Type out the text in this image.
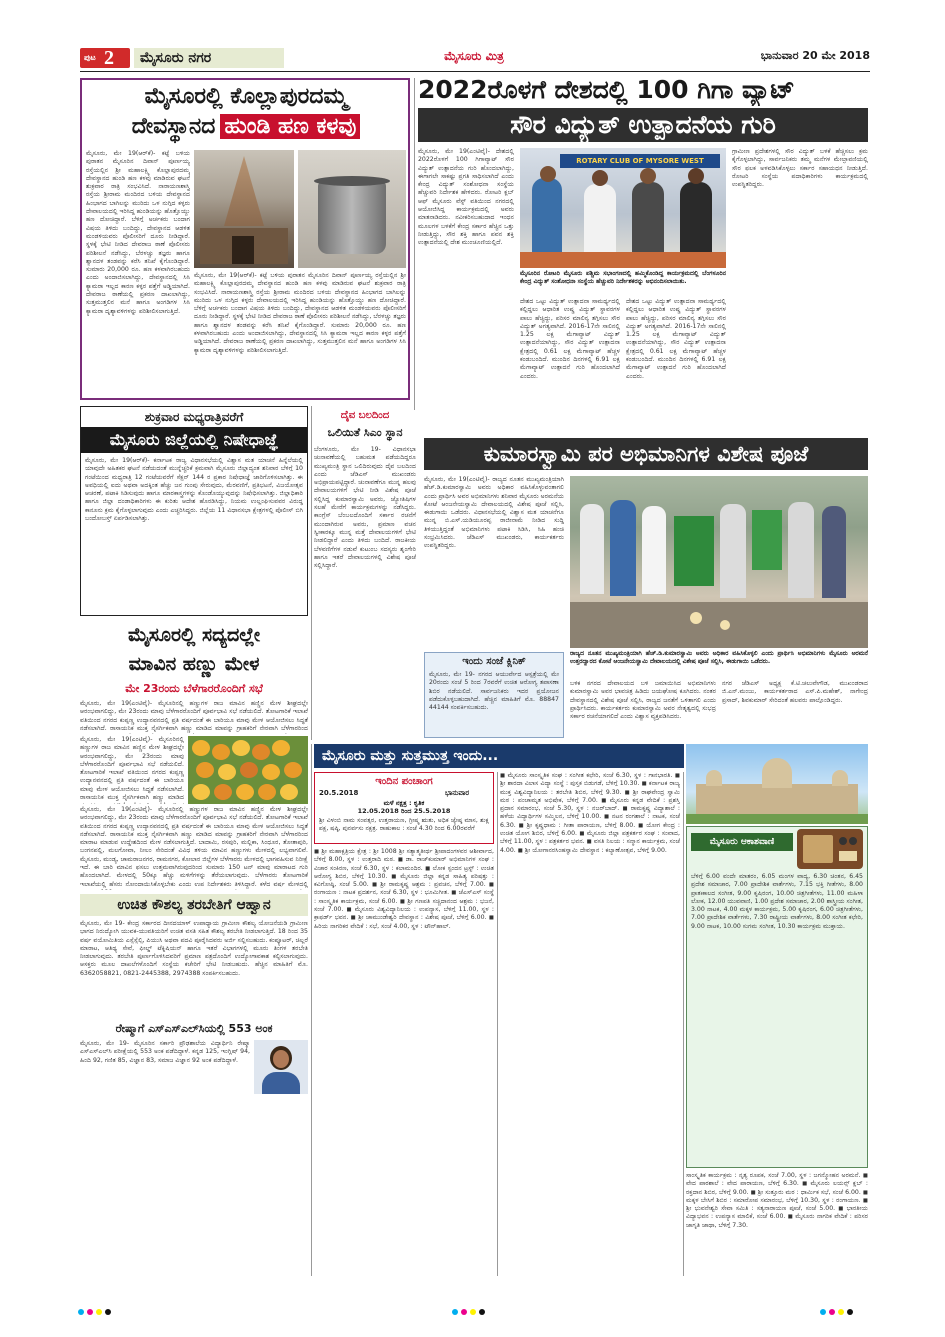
ಪುಟ 2	ಮೈಸೂರು ನಗರ	ಮೈಸೂರು ಮಿತ್ರ	ಭಾನುವಾರ 20 ಮೇ 2018
ಮೈಸೂರಲ್ಲಿ ಕೊಲ್ಲಾಪುರದಮ್ಮ
ದೇವಸ್ಥಾನದ ಹುಂಡಿ ಹಣ ಕಳವು
ಮೈಸೂರು, ಮೇ 19(ಆರ್‌ಕೆ)- ಕಟ್ಟೆ ಬಳಿಯ ಪುರಾತನ ಮೈಸೂರಿನ ದಿವಾನ್ ಪೂರ್ಣಯ್ಯ ರಸ್ತೆಯಲ್ಲಿನ ಶ್ರೀ ಮಹಾಲಕ್ಷ್ಮಿ ಕೊಲ್ಲಾಪುರದಮ್ಮ ದೇವಸ್ಥಾನದ ಹುಂಡಿ ಹಣ ಕಳವು ಮಾಡಿರುವ ಘಟನೆ ಶುಕ್ರವಾರ ರಾತ್ರಿ ಸಂಭವಿಸಿದೆ. ನಾರಾಯಣಶಾಸ್ತ್ರಿ ರಸ್ತೆಯ ಶ್ರೀರಾಮ ಮಂದಿರದ ಬಳಿಯ ದೇವಸ್ಥಾನದ ಹಿಂಭಾಗದ ಬಾಗಿಲನ್ನು ಮುರಿದು ಒಳ ನುಗ್ಗಿದ ಕಳ್ಳರು ದೇವಾಲಯದಲ್ಲಿ ಇರಿಸಿದ್ದ ಹುಂಡಿಯನ್ನು ಹೊತ್ತೊಯ್ದು ಹಣ ದೋಚಿದ್ದಾರೆ. ಬೆಳಿಗ್ಗೆ ಅರ್ಚಕರು ಬಂದಾಗ ವಿಷಯ ತಿಳಿದು ಬಂದಿದ್ದು, ದೇವಸ್ಥಾನದ ಆಡಳಿತ ಮಂಡಳಿಯವರು ಪೊಲೀಸರಿಗೆ ದೂರು ನೀಡಿದ್ದಾರೆ. ಸ್ಥಳಕ್ಕೆ ಭೇಟಿ ನೀಡಿದ ದೇವರಾಜ ಠಾಣೆ ಪೊಲೀಸರು ಪರಿಶೀಲನೆ ನಡೆಸಿದ್ದು, ಬೆರಳಚ್ಚು ತಜ್ಞರು ಹಾಗೂ ಶ್ವಾನದಳ ತಂಡವನ್ನು ಕರೆಸಿ ತನಿಖೆ ಕೈಗೊಂಡಿದ್ದಾರೆ. ಸುಮಾರು 20,000 ರೂ. ಹಣ ಕಳವಾಗಿರಬಹುದು ಎಂದು ಅಂದಾಜಿಸಲಾಗಿದ್ದು, ದೇವಸ್ಥಾನದಲ್ಲಿ ಸಿಸಿ ಕ್ಯಾಮರಾ ಇಲ್ಲದ ಕಾರಣ ಕಳ್ಳರ ಪತ್ತೆಗೆ ಅಡ್ಡಿಯಾಗಿದೆ. ದೇವರಾಜ ಠಾಣೆಯಲ್ಲಿ ಪ್ರಕರಣ ದಾಖಲಾಗಿದ್ದು, ಸುತ್ತಮುತ್ತಲಿನ ಮನೆ ಹಾಗೂ ಅಂಗಡಿಗಳ ಸಿಸಿ ಕ್ಯಾಮರಾ ದೃಶ್ಯಾವಳಿಗಳನ್ನು ಪರಿಶೀಲಿಸಲಾಗುತ್ತಿದೆ.
ಮೈಸೂರು, ಮೇ 19(ಆರ್‌ಕೆ)- ಕಟ್ಟೆ ಬಳಿಯ ಪುರಾತನ ಮೈಸೂರಿನ ದಿವಾನ್ ಪೂರ್ಣಯ್ಯ ರಸ್ತೆಯಲ್ಲಿನ ಶ್ರೀ ಮಹಾಲಕ್ಷ್ಮಿ ಕೊಲ್ಲಾಪುರದಮ್ಮ ದೇವಸ್ಥಾನದ ಹುಂಡಿ ಹಣ ಕಳವು ಮಾಡಿರುವ ಘಟನೆ ಶುಕ್ರವಾರ ರಾತ್ರಿ ಸಂಭವಿಸಿದೆ. ನಾರಾಯಣಶಾಸ್ತ್ರಿ ರಸ್ತೆಯ ಶ್ರೀರಾಮ ಮಂದಿರದ ಬಳಿಯ ದೇವಸ್ಥಾನದ ಹಿಂಭಾಗದ ಬಾಗಿಲನ್ನು ಮುರಿದು ಒಳ ನುಗ್ಗಿದ ಕಳ್ಳರು ದೇವಾಲಯದಲ್ಲಿ ಇರಿಸಿದ್ದ ಹುಂಡಿಯನ್ನು ಹೊತ್ತೊಯ್ದು ಹಣ ದೋಚಿದ್ದಾರೆ. ಬೆಳಿಗ್ಗೆ ಅರ್ಚಕರು ಬಂದಾಗ ವಿಷಯ ತಿಳಿದು ಬಂದಿದ್ದು, ದೇವಸ್ಥಾನದ ಆಡಳಿತ ಮಂಡಳಿಯವರು ಪೊಲೀಸರಿಗೆ ದೂರು ನೀಡಿದ್ದಾರೆ. ಸ್ಥಳಕ್ಕೆ ಭೇಟಿ ನೀಡಿದ ದೇವರಾಜ ಠಾಣೆ ಪೊಲೀಸರು ಪರಿಶೀಲನೆ ನಡೆಸಿದ್ದು, ಬೆರಳಚ್ಚು ತಜ್ಞರು ಹಾಗೂ ಶ್ವಾನದಳ ತಂಡವನ್ನು ಕರೆಸಿ ತನಿಖೆ ಕೈಗೊಂಡಿದ್ದಾರೆ. ಸುಮಾರು 20,000 ರೂ. ಹಣ ಕಳವಾಗಿರಬಹುದು ಎಂದು ಅಂದಾಜಿಸಲಾಗಿದ್ದು, ದೇವಸ್ಥಾನದಲ್ಲಿ ಸಿಸಿ ಕ್ಯಾಮರಾ ಇಲ್ಲದ ಕಾರಣ ಕಳ್ಳರ ಪತ್ತೆಗೆ ಅಡ್ಡಿಯಾಗಿದೆ. ದೇವರಾಜ ಠಾಣೆಯಲ್ಲಿ ಪ್ರಕರಣ ದಾಖಲಾಗಿದ್ದು, ಸುತ್ತಮುತ್ತಲಿನ ಮನೆ ಹಾಗೂ ಅಂಗಡಿಗಳ ಸಿಸಿ ಕ್ಯಾಮರಾ ದೃಶ್ಯಾವಳಿಗಳನ್ನು ಪರಿಶೀಲಿಸಲಾಗುತ್ತಿದೆ.
2022ರೊಳಗೆ ದೇಶದಲ್ಲಿ 100 ಗಿಗಾ ವ್ಯಾಟ್
ಸೌರ ವಿದ್ಯುತ್ ಉತ್ಪಾದನೆಯ ಗುರಿ
ಮೈಸೂರು, ಮೇ 19(ಎಂಟಿವೈ)- ದೇಶದಲ್ಲಿ 2022ರೊಳಗೆ 100 ಗಿಗಾವ್ಯಾಟ್ ಸೌರ ವಿದ್ಯುತ್ ಉತ್ಪಾದನೆಯ ಗುರಿ ಹೊಂದಲಾಗಿದ್ದು, ಈಗಾಗಲೇ ಸಾಕಷ್ಟು ಪ್ರಗತಿ ಸಾಧಿಸಲಾಗಿದೆ ಎಂದು ಕೇಂದ್ರ ವಿದ್ಯುತ್ ಸಂಶೋಧನಾ ಸಂಸ್ಥೆಯ ಹೆಚ್ಚುವರಿ ನಿರ್ದೇಶಕ ಹೇಳಿದರು. ರೋಟರಿ ಕ್ಲಬ್ ಆಫ್ ಮೈಸೂರು ವೆಸ್ಟ್ ವತಿಯಿಂದ ನಗರದಲ್ಲಿ ಆಯೋಜಿಸಿದ್ದ ಕಾರ್ಯಕ್ರಮದಲ್ಲಿ ಅವರು ಮಾತನಾಡಿದರು. ನವೀಕರಿಸಬಹುದಾದ ಇಂಧನ ಮೂಲಗಳ ಬಳಕೆಗೆ ಕೇಂದ್ರ ಸರ್ಕಾರ ಹೆಚ್ಚಿನ ಒತ್ತು ನೀಡುತ್ತಿದ್ದು, ಸೌರ ಶಕ್ತಿ ಹಾಗೂ ಪವನ ಶಕ್ತಿ ಉತ್ಪಾದನೆಯಲ್ಲಿ ದೇಶ ಮುಂಚೂಣಿಯಲ್ಲಿದೆ.
ROTARY CLUB OF MYSORE WEST
ಮೈಸೂರಿನ ರೋಟರಿ ಮೈಸೂರು ಪಶ್ಚಿಮ ಸಭಾಂಗಣದಲ್ಲಿ ಹಮ್ಮಿಕೊಂಡಿದ್ದ ಕಾರ್ಯಕ್ರಮದಲ್ಲಿ ಬೆಂಗಳೂರಿನ ಕೇಂದ್ರ ವಿದ್ಯುತ್ ಸಂಶೋಧನಾ ಸಂಸ್ಥೆಯ ಹೆಚ್ಚುವರಿ ನಿರ್ದೇಶಕರನ್ನು ಅಭಿನಂದಿಸಲಾಯಿತು.
ದೇಶದ ಒಟ್ಟು ವಿದ್ಯುತ್ ಉತ್ಪಾದನಾ ಸಾಮರ್ಥ್ಯದಲ್ಲಿ ಕಲ್ಲಿದ್ದಲು ಆಧಾರಿತ ಉಷ್ಣ ವಿದ್ಯುತ್ ಸ್ಥಾವರಗಳ ಪಾಲು ಹೆಚ್ಚಿದ್ದು, ಪರಿಸರ ಮಾಲಿನ್ಯ ತಗ್ಗಿಸಲು ಸೌರ ವಿದ್ಯುತ್ ಅಗತ್ಯವಾಗಿದೆ. 2016-17ನೇ ಸಾಲಿನಲ್ಲಿ 1.25 ಲಕ್ಷ ಮೆಗಾವ್ಯಾಟ್ ವಿದ್ಯುತ್ ಉತ್ಪಾದನೆಯಾಗಿದ್ದು, ಸೌರ ವಿದ್ಯುತ್ ಉತ್ಪಾದನಾ ಕ್ಷೇತ್ರದಲ್ಲಿ 0.61 ಲಕ್ಷ ಮೆಗಾವ್ಯಾಟ್ ಹೆಚ್ಚಳ ಕಂಡುಬಂದಿದೆ. ಮುಂದಿನ ದಿನಗಳಲ್ಲಿ 6.91 ಲಕ್ಷ ಮೆಗಾವ್ಯಾಟ್ ಉತ್ಪಾದನೆ ಗುರಿ ಹೊಂದಲಾಗಿದೆ ಎಂದರು.
ದೇಶದ ಒಟ್ಟು ವಿದ್ಯುತ್ ಉತ್ಪಾದನಾ ಸಾಮರ್ಥ್ಯದಲ್ಲಿ ಕಲ್ಲಿದ್ದಲು ಆಧಾರಿತ ಉಷ್ಣ ವಿದ್ಯುತ್ ಸ್ಥಾವರಗಳ ಪಾಲು ಹೆಚ್ಚಿದ್ದು, ಪರಿಸರ ಮಾಲಿನ್ಯ ತಗ್ಗಿಸಲು ಸೌರ ವಿದ್ಯುತ್ ಅಗತ್ಯವಾಗಿದೆ. 2016-17ನೇ ಸಾಲಿನಲ್ಲಿ 1.25 ಲಕ್ಷ ಮೆಗಾವ್ಯಾಟ್ ವಿದ್ಯುತ್ ಉತ್ಪಾದನೆಯಾಗಿದ್ದು, ಸೌರ ವಿದ್ಯುತ್ ಉತ್ಪಾದನಾ ಕ್ಷೇತ್ರದಲ್ಲಿ 0.61 ಲಕ್ಷ ಮೆಗಾವ್ಯಾಟ್ ಹೆಚ್ಚಳ ಕಂಡುಬಂದಿದೆ. ಮುಂದಿನ ದಿನಗಳಲ್ಲಿ 6.91 ಲಕ್ಷ ಮೆಗಾವ್ಯಾಟ್ ಉತ್ಪಾದನೆ ಗುರಿ ಹೊಂದಲಾಗಿದೆ ಎಂದರು.
ಗ್ರಾಮೀಣ ಪ್ರದೇಶಗಳಲ್ಲಿ ಸೌರ ವಿದ್ಯುತ್ ಬಳಕೆ ಹೆಚ್ಚಿಸಲು ಕ್ರಮ ಕೈಗೊಳ್ಳಲಾಗಿದ್ದು, ಸಾರ್ವಜನಿಕರು ತಮ್ಮ ಮನೆಗಳ ಮೇಲ್ಛಾವಣಿಯಲ್ಲಿ ಸೌರ ಫಲಕ ಅಳವಡಿಸಿಕೊಳ್ಳಲು ಸರ್ಕಾರ ಸಹಾಯಧನ ನೀಡುತ್ತಿದೆ. ರೋಟರಿ ಸಂಸ್ಥೆಯ ಪದಾಧಿಕಾರಿಗಳು ಕಾರ್ಯಕ್ರಮದಲ್ಲಿ ಉಪಸ್ಥಿತರಿದ್ದರು.
ಶುಕ್ರವಾರ ಮಧ್ಯರಾತ್ರಿವರೆಗೆ
ಮೈಸೂರು ಜಿಲ್ಲೆಯಲ್ಲಿ ನಿಷೇಧಾಜ್ಞೆ
ಮೈಸೂರು, ಮೇ 19(ಆರ್‌ಕೆ)- ಕರ್ನಾಟಕ ರಾಜ್ಯ ವಿಧಾನಸಭೆಯಲ್ಲಿ ವಿಶ್ವಾಸ ಮತ ಯಾಚನೆ ಹಿನ್ನೆಲೆಯಲ್ಲಿ ಯಾವುದೇ ಅಹಿತಕರ ಘಟನೆ ನಡೆಯದಂತೆ ಮುನ್ನೆಚ್ಚರಿಕೆ ಕ್ರಮವಾಗಿ ಮೈಸೂರು ಜಿಲ್ಲಾದ್ಯಂತ ಶನಿವಾರ ಬೆಳಿಗ್ಗೆ 10 ಗಂಟೆಯಿಂದ ಮಧ್ಯರಾತ್ರಿ 12 ಗಂಟೆಯವರೆಗೆ ಸೆಕ್ಷನ್ 144 ರ ಪ್ರಕಾರ ನಿಷೇಧಾಜ್ಞೆ ಜಾರಿಗೊಳಿಸಲಾಗಿತ್ತು. ಈ ಅವಧಿಯಲ್ಲಿ ಐದು ಅಥವಾ ಅದಕ್ಕಿಂತ ಹೆಚ್ಚು ಜನ ಗುಂಪು ಸೇರುವುದು, ಮೆರವಣಿಗೆ, ಪ್ರತಿಭಟನೆ, ವಿಜಯೋತ್ಸವ ಆಚರಣೆ, ಪಟಾಕಿ ಸಿಡಿಸುವುದು ಹಾಗೂ ಮಾರಕಾಸ್ತ್ರಗಳನ್ನು ಕೊಂಡೊಯ್ಯುವುದನ್ನು ನಿಷೇಧಿಸಲಾಗಿತ್ತು. ಜಿಲ್ಲಾಧಿಕಾರಿ ಹಾಗೂ ಜಿಲ್ಲಾ ದಂಡಾಧಿಕಾರಿಗಳು ಈ ಕುರಿತು ಆದೇಶ ಹೊರಡಿಸಿದ್ದು, ನಿಯಮ ಉಲ್ಲಂಘಿಸುವವರ ವಿರುದ್ಧ ಕಾನೂನು ಕ್ರಮ ಕೈಗೊಳ್ಳಲಾಗುವುದು ಎಂದು ಎಚ್ಚರಿಸಿದ್ದರು. ಜಿಲ್ಲೆಯ 11 ವಿಧಾನಸಭಾ ಕ್ಷೇತ್ರಗಳಲ್ಲಿ ಪೊಲೀಸ್ ಬಿಗಿ ಬಂದೋಬಸ್ತ್ ಏರ್ಪಡಿಸಲಾಗಿತ್ತು.
ದೈವ ಬಲದಿಂದ
ಒಲಿಯಿತೆ ಸಿಎಂ ಸ್ಥಾನ
ಬೆಂಗಳೂರು, ಮೇ 19- ವಿಧಾನಸಭಾ ಚುನಾವಣೆಯಲ್ಲಿ ಬಹುಮತ ಪಡೆಯದಿದ್ದರೂ ಮುಖ್ಯಮಂತ್ರಿ ಸ್ಥಾನ ಒಲಿದಿರುವುದು ದೈವ ಬಲದಿಂದ ಎಂದು ಜೆಡಿಎಸ್ ಮುಖಂಡರು ಅಭಿಪ್ರಾಯಪಟ್ಟಿದ್ದಾರೆ. ಚುನಾವಣೆಗೂ ಮುನ್ನ ಹಲವು ದೇವಾಲಯಗಳಿಗೆ ಭೇಟಿ ನೀಡಿ ವಿಶೇಷ ಪೂಜೆ ಸಲ್ಲಿಸಿದ್ದ ಕುಮಾರಸ್ವಾಮಿ ಅವರು, ಜ್ಯೋತಿಷಿಗಳ ಸಲಹೆ ಮೇರೆಗೆ ಕಾರ್ಯಕ್ರಮಗಳನ್ನು ನಡೆಸಿದ್ದರು. ಕಾಂಗ್ರೆಸ್ ಬೆಂಬಲದೊಂದಿಗೆ ಸರ್ಕಾರ ರಚನೆಗೆ ಮುಂದಾಗಿರುವ ಅವರು, ಪ್ರಮಾಣ ವಚನ ಸ್ವೀಕಾರಕ್ಕೂ ಮುನ್ನ ಮತ್ತೆ ದೇವಾಲಯಗಳಿಗೆ ಭೇಟಿ ನೀಡಲಿದ್ದಾರೆ ಎಂದು ತಿಳಿದು ಬಂದಿದೆ. ರಾಜಕೀಯ ಬೆಳವಣಿಗೆಗಳ ನಡುವೆ ಕುಟುಂಬ ಸದಸ್ಯರು ಶೃಂಗೇರಿ ಹಾಗೂ ಇತರೆ ದೇವಾಲಯಗಳಲ್ಲಿ ವಿಶೇಷ ಪೂಜೆ ಸಲ್ಲಿಸಿದ್ದಾರೆ.
ಕುಮಾರಸ್ವಾಮಿ ಪರ ಅಭಿಮಾನಿಗಳ ವಿಶೇಷ ಪೂಜೆ
ಮೈಸೂರು, ಮೇ 19(ಎಂಟಿವೈ)- ರಾಜ್ಯದ ನೂತನ ಮುಖ್ಯಮಂತ್ರಿಯಾಗಿ ಹೆಚ್.ಡಿ.ಕುಮಾರಸ್ವಾಮಿ ಅವರು ಅಧಿಕಾರ ವಹಿಸಿಕೊಳ್ಳುವಂತಾಗಲಿ ಎಂದು ಪ್ರಾರ್ಥಿಸಿ ಅವರ ಅಭಿಮಾನಿಗಳು ಶನಿವಾರ ಮೈಸೂರು ಅರಮನೆಯ ಕೋಟೆ ಆಂಜನೇಯಸ್ವಾಮಿ ದೇವಾಲಯದಲ್ಲಿ ವಿಶೇಷ ಪೂಜೆ ಸಲ್ಲಿಸಿ, ಈಡುಗಾಯಿ ಒಡೆದರು. ವಿಧಾನಸಭೆಯಲ್ಲಿ ವಿಶ್ವಾಸ ಮತ ಯಾಚನೆಗೂ ಮುನ್ನ ಬಿ.ಎಸ್.ಯಡಿಯೂರಪ್ಪ ರಾಜೀನಾಮೆ ನೀಡಿದ ಸುದ್ದಿ ತಿಳಿಯುತ್ತಿದ್ದಂತೆ ಅಭಿಮಾನಿಗಳು ಪಟಾಕಿ ಸಿಡಿಸಿ, ಸಿಹಿ ಹಂಚಿ ಸಂಭ್ರಮಿಸಿದರು. ಜೆಡಿಎಸ್ ಮುಖಂಡರು, ಕಾರ್ಯಕರ್ತರು ಉಪಸ್ಥಿತರಿದ್ದರು.
ರಾಜ್ಯದ ನೂತನ ಮುಖ್ಯಮಂತ್ರಿಯಾಗಿ ಹೆಚ್.ಡಿ.ಕುಮಾರಸ್ವಾಮಿ ಅವರು ಅಧಿಕಾರ ವಹಿಸಿಕೊಳ್ಳಲಿ ಎಂದು ಪ್ರಾರ್ಥಿಸಿ ಅಭಿಮಾನಿಗಳು ಮೈಸೂರು ಅರಮನೆ ಉತ್ತರದ್ವಾರದ ಕೋಟೆ ಆಂಜನೇಯಸ್ವಾಮಿ ದೇವಾಲಯದಲ್ಲಿ ವಿಶೇಷ ಪೂಜೆ ಸಲ್ಲಿಸಿ, ಈಡುಗಾಯಿ ಒಡೆದರು.
ಬಳಿಕ ನಗರದ ದೇವಾಲಯದ ಬಳಿ ಜಮಾಯಿಸಿದ ಅಭಿಮಾನಿಗಳು ಕುಮಾರಸ್ವಾಮಿ ಅವರ ಭಾವಚಿತ್ರ ಹಿಡಿದು ಜಯಘೋಷ ಕೂಗಿದರು. ನಂತರ ದೇವಸ್ಥಾನದಲ್ಲಿ ವಿಶೇಷ ಪೂಜೆ ಸಲ್ಲಿಸಿ, ರಾಜ್ಯದ ಜನತೆಗೆ ಒಳಿತಾಗಲಿ ಎಂದು ಪ್ರಾರ್ಥಿಸಿದರು. ಕಾರ್ಯಕರ್ತರು ಕುಮಾರಸ್ವಾಮಿ ಅವರ ನೇತೃತ್ವದಲ್ಲಿ ಸುಭದ್ರ ಸರ್ಕಾರ ರಚನೆಯಾಗಲಿದೆ ಎಂದು ವಿಶ್ವಾಸ ವ್ಯಕ್ತಪಡಿಸಿದರು.
ನಗರ ಜೆಡಿಎಸ್ ಅಧ್ಯಕ್ಷ ಕೆ.ಟಿ.ಚಲುವೇಗೌಡ, ಮುಖಂಡರಾದ ಜಿ.ಎನ್.ಮಂಜು, ಕಾರ್ಯಕರ್ತರಾದ ಎಸ್.ಪಿ.ಮಹೇಶ್, ನಾಗೇಂದ್ರ ಪ್ರಸಾದ್, ಶಿವಕುಮಾರ್ ಸೇರಿದಂತೆ ಹಲವರು ಪಾಲ್ಗೊಂಡಿದ್ದರು.
ಇಂದು ಸಂಜೆ ಕ್ಲಿನಿಕ್
ಮೈಸೂರು, ಮೇ 19- ನಗರದ ಆಯುರ್ವೇದ ಆಸ್ಪತ್ರೆಯಲ್ಲಿ ಮೇ 20ರಂದು ಸಂಜೆ 5 ರಿಂದ 7ರವರೆಗೆ ಉಚಿತ ಆರೋಗ್ಯ ತಪಾಸಣಾ ಶಿಬಿರ ನಡೆಯಲಿದೆ. ಸಾರ್ವಜನಿಕರು ಇದರ ಪ್ರಯೋಜನ ಪಡೆದುಕೊಳ್ಳಬಹುದಾಗಿದೆ. ಹೆಚ್ಚಿನ ಮಾಹಿತಿಗೆ ಮೊ. 88847 44144 ಸಂಪರ್ಕಿಸಬಹುದು.
ಮೈಸೂರಲ್ಲಿ ಸದ್ಯದಲ್ಲೇ
ಮಾವಿನ ಹಣ್ಣು ಮೇಳ
ಮೇ 23ರಂದು ಬೆಳೆಗಾರರೊಂದಿಗೆ ಸಭೆ
ಮೈಸೂರು, ಮೇ 19(ಎಂಟಿವೈ)- ಮೈಸೂರಿನಲ್ಲಿ ಹಣ್ಣುಗಳ ರಾಜ ಮಾವಿನ ಹಣ್ಣಿನ ಮೇಳ ಶೀಘ್ರದಲ್ಲೇ ಆರಂಭವಾಗಲಿದ್ದು, ಮೇ 23ರಂದು ಮಾವು ಬೆಳೆಗಾರರೊಂದಿಗೆ ಪೂರ್ವಭಾವಿ ಸಭೆ ನಡೆಯಲಿದೆ. ತೋಟಗಾರಿಕೆ ಇಲಾಖೆ ವತಿಯಿಂದ ನಗರದ ಕುಪ್ಪಣ್ಣ ಉದ್ಯಾನವನದಲ್ಲಿ ಪ್ರತಿ ವರ್ಷದಂತೆ ಈ ಬಾರಿಯೂ ಮಾವು ಮೇಳ ಆಯೋಜಿಸಲು ಸಿದ್ಧತೆ ನಡೆಸಲಾಗಿದೆ. ರಾಸಾಯನಿಕ ಮುಕ್ತ ನೈಸರ್ಗಿಕವಾಗಿ ಹಣ್ಣು ಮಾಡಿದ ಮಾವನ್ನು ಗ್ರಾಹಕರಿಗೆ ನೇರವಾಗಿ ಬೆಳೆಗಾರರಿಂದ
ಮೈಸೂರು, ಮೇ 19(ಎಂಟಿವೈ)- ಮೈಸೂರಿನಲ್ಲಿ ಹಣ್ಣುಗಳ ರಾಜ ಮಾವಿನ ಹಣ್ಣಿನ ಮೇಳ ಶೀಘ್ರದಲ್ಲೇ ಆರಂಭವಾಗಲಿದ್ದು, ಮೇ 23ರಂದು ಮಾವು ಬೆಳೆಗಾರರೊಂದಿಗೆ ಪೂರ್ವಭಾವಿ ಸಭೆ ನಡೆಯಲಿದೆ. ತೋಟಗಾರಿಕೆ ಇಲಾಖೆ ವತಿಯಿಂದ ನಗರದ ಕುಪ್ಪಣ್ಣ ಉದ್ಯಾನವನದಲ್ಲಿ ಪ್ರತಿ ವರ್ಷದಂತೆ ಈ ಬಾರಿಯೂ ಮಾವು ಮೇಳ ಆಯೋಜಿಸಲು ಸಿದ್ಧತೆ ನಡೆಸಲಾಗಿದೆ. ರಾಸಾಯನಿಕ ಮುಕ್ತ ನೈಸರ್ಗಿಕವಾಗಿ ಹಣ್ಣು ಮಾಡಿದ
ಮೈಸೂರು, ಮೇ 19(ಎಂಟಿವೈ)- ಮೈಸೂರಿನಲ್ಲಿ ಹಣ್ಣುಗಳ ರಾಜ ಮಾವಿನ ಹಣ್ಣಿನ ಮೇಳ ಶೀಘ್ರದಲ್ಲೇ ಆರಂಭವಾಗಲಿದ್ದು, ಮೇ 23ರಂದು ಮಾವು ಬೆಳೆಗಾರರೊಂದಿಗೆ ಪೂರ್ವಭಾವಿ ಸಭೆ ನಡೆಯಲಿದೆ. ತೋಟಗಾರಿಕೆ ಇಲಾಖೆ ವತಿಯಿಂದ ನಗರದ ಕುಪ್ಪಣ್ಣ ಉದ್ಯಾನವನದಲ್ಲಿ ಪ್ರತಿ ವರ್ಷದಂತೆ ಈ ಬಾರಿಯೂ ಮಾವು ಮೇಳ ಆಯೋಜಿಸಲು ಸಿದ್ಧತೆ ನಡೆಸಲಾಗಿದೆ. ರಾಸಾಯನಿಕ ಮುಕ್ತ ನೈಸರ್ಗಿಕವಾಗಿ ಹಣ್ಣು ಮಾಡಿದ ಮಾವನ್ನು ಗ್ರಾಹಕರಿಗೆ ನೇರವಾಗಿ ಬೆಳೆಗಾರರಿಂದ ಮಾರಾಟ ಮಾಡುವ ಉದ್ದೇಶದಿಂದ ಮೇಳ ನಡೆಸಲಾಗುತ್ತಿದೆ. ಬಾದಾಮಿ, ರಸಪುರಿ, ಮಲ್ಲಿಕಾ, ಸಿಂಧೂರ, ತೋತಾಪುರಿ, ಬಂಗನಪಲ್ಲಿ, ಮಲಗೋವಾ, ನೀಲಂ ಸೇರಿದಂತೆ ವಿವಿಧ ತಳಿಯ ಮಾವಿನ ಹಣ್ಣುಗಳು ಮೇಳದಲ್ಲಿ ಲಭ್ಯವಾಗಲಿವೆ. ಮೈಸೂರು, ಮಂಡ್ಯ, ಚಾಮರಾಜನಗರ, ರಾಮನಗರ, ಕೋಲಾರ ಜಿಲ್ಲೆಗಳ ಬೆಳೆಗಾರರು ಮೇಳದಲ್ಲಿ ಭಾಗವಹಿಸುವ ನಿರೀಕ್ಷೆ ಇದೆ. ಈ ಬಾರಿ ಮಾವಿನ ಫಸಲು ಉತ್ತಮವಾಗಿರುವುದರಿಂದ ಸುಮಾರು 150 ಟನ್ ಮಾವು ಮಾರಾಟದ ಗುರಿ ಹೊಂದಲಾಗಿದೆ. ಮೇಳದಲ್ಲಿ 50ಕ್ಕೂ ಹೆಚ್ಚು ಮಳಿಗೆಗಳನ್ನು ತೆರೆಯಲಾಗುವುದು. ಬೆಳೆಗಾರರು ತೋಟಗಾರಿಕೆ ಇಲಾಖೆಯಲ್ಲಿ ಹೆಸರು ನೋಂದಾಯಿಸಿಕೊಳ್ಳಬೇಕು ಎಂದು ಉಪ ನಿರ್ದೇಶಕರು ತಿಳಿಸಿದ್ದಾರೆ. ಕಳೆದ ವರ್ಷ ಮೇಳದಲ್ಲಿ
ಉಚಿತ ಕೌಶಲ್ಯ ತರಬೇತಿಗೆ ಆಹ್ವಾನ
ಮೈಸೂರು, ಮೇ 19- ಕೇಂದ್ರ ಸರ್ಕಾರದ ದೀನದಯಾಳ್ ಉಪಾಧ್ಯಾಯ ಗ್ರಾಮೀಣ ಕೌಶಲ್ಯ ಯೋಜನೆಯಡಿ ಗ್ರಾಮೀಣ ಭಾಗದ ನಿರುದ್ಯೋಗಿ ಯುವಕ-ಯುವತಿಯರಿಗೆ ಉಚಿತ ವಸತಿ ಸಹಿತ ಕೌಶಲ್ಯ ತರಬೇತಿ ನೀಡಲಾಗುತ್ತಿದೆ. 18 ರಿಂದ 35 ವರ್ಷ ವಯೋಮಿತಿಯ ಎಸ್ಸೆಸ್ಸೆಲ್ಸಿ, ಪಿಯುಸಿ ಅಥವಾ ಪದವಿ ಪೂರೈಸಿದವರು ಅರ್ಜಿ ಸಲ್ಲಿಸಬಹುದು. ಕಂಪ್ಯೂಟರ್, ಚಿಲ್ಲರೆ ಮಾರಾಟ, ಆತಿಥ್ಯ ಸೇವೆ, ಫೀಲ್ಡ್ ಟೆಕ್ನಿಷಿಯನ್ ಹಾಗೂ ಇತರೆ ವಿಭಾಗಗಳಲ್ಲಿ ಮೂರು ತಿಂಗಳ ತರಬೇತಿ ನೀಡಲಾಗುವುದು. ತರಬೇತಿ ಪೂರ್ಣಗೊಳಿಸಿದವರಿಗೆ ಪ್ರಮಾಣ ಪತ್ರದೊಂದಿಗೆ ಉದ್ಯೋಗಾವಕಾಶ ಕಲ್ಪಿಸಲಾಗುವುದು. ಆಸಕ್ತರು ಮೂಲ ದಾಖಲೆಗಳೊಂದಿಗೆ ಸಂಸ್ಥೆಯ ಕಚೇರಿಗೆ ಭೇಟಿ ನೀಡಬಹುದು. ಹೆಚ್ಚಿನ ಮಾಹಿತಿಗೆ ಮೊ. 6362058821, 0821-2445388, 2974388 ಸಂಪರ್ಕಿಸಬಹುದು.
ರೇಷ್ಮಾಗೆ ಎಸ್‌ಎಸ್‌ಎಲ್‌ಸಿಯಲ್ಲಿ 553 ಅಂಕ
ಮೈಸೂರು, ಮೇ 19- ಮೈಸೂರಿನ ಸರ್ಕಾರಿ ಪ್ರೌಢಶಾಲೆಯ ವಿದ್ಯಾರ್ಥಿನಿ ರೇಷ್ಮಾ ಎಸ್‌ಎಸ್‌ಎಲ್‌ಸಿ ಪರೀಕ್ಷೆಯಲ್ಲಿ 553 ಅಂಕ ಪಡೆದಿದ್ದಾಳೆ. ಕನ್ನಡ 125, ಇಂಗ್ಲಿಷ್ 94, ಹಿಂದಿ 92, ಗಣಿತ 85, ವಿಜ್ಞಾನ 83, ಸಮಾಜ ವಿಜ್ಞಾನ 92 ಅಂಕ ಪಡೆದಿದ್ದಾಳೆ.
ಮೈಸೂರು ಮತ್ತು ಸುತ್ತಮುತ್ತ ಇಂದು...
ಇಂದಿನ ಪಂಚಾಂಗ
20.5.2018	ಭಾನುವಾರ
ಮಳೆ ನಕ್ಷತ್ರ : ಕೃತಿಕ
12.05.2018 ರಿಂದ 25.5.2018
ಶ್ರೀ ವಿಳಂಬಿ ನಾಮ ಸಂವತ್ಸರ, ಉತ್ತರಾಯಣ, ಗ್ರೀಷ್ಮ ಋತು, ಅಧಿಕ ಜ್ಯೇಷ್ಠ ಮಾಸ, ಶುಕ್ಲ ಪಕ್ಷ, ಷಷ್ಠಿ, ಪುನರ್ವಸು ನಕ್ಷತ್ರ. ರಾಹುಕಾಲ : ಸಂಜೆ 4.30 ರಿಂದ 6.00ರವರೆಗೆ
◼ ಶ್ರೀ ಮಹಾಕ್ಷತ್ರಿಯ ಕ್ಷೇತ್ರ : ಶ್ರೀ 1008 ಶ್ರೀ ಸತ್ಯಾತ್ಮತೀರ್ಥ ಶ್ರೀಪಾದಂಗಳವರ ಆಶೀರ್ವಾದ, ಬೆಳಿಗ್ಗೆ 8.00, ಸ್ಥಳ : ಉತ್ತರಾದಿ ಮಠ. ◼ ಡಾ. ರಾಜ್‌ಕುಮಾರ್ ಅಭಿಮಾನಿಗಳ ಸಂಘ : ವಿಚಾರ ಸಂಕಿರಣ, ಸಂಜೆ 6.30, ಸ್ಥಳ : ಕಲಾಮಂದಿರ. ◼ ಲೋಕ ಸ್ಪಂದನ ಟ್ರಸ್ಟ್ : ಉಚಿತ ಆರೋಗ್ಯ ಶಿಬಿರ, ಬೆಳಿಗ್ಗೆ 10.30. ◼ ಮೈಸೂರು ಜಿಲ್ಲಾ ಕನ್ನಡ ಸಾಹಿತ್ಯ ಪರಿಷತ್ತು : ಕವಿಗೋಷ್ಠಿ, ಸಂಜೆ 5.00. ◼ ಶ್ರೀ ರಾಮಕೃಷ್ಣ ಆಶ್ರಮ : ಪ್ರವಚನ, ಬೆಳಿಗ್ಗೆ 7.00. ◼ ರಂಗಾಯಣ : ನಾಟಕ ಪ್ರದರ್ಶನ, ಸಂಜೆ 6.30, ಸ್ಥಳ : ಭೂಮಿಗೀತ. ◼ ಜೆಎಸ್‌ಎಸ್ ಸಂಸ್ಥೆ : ಸಾಂಸ್ಕೃತಿಕ ಕಾರ್ಯಕ್ರಮ, ಸಂಜೆ 6.00. ◼ ಶ್ರೀ ಗಣಪತಿ ಸಚ್ಚಿದಾನಂದ ಆಶ್ರಮ : ಭಜನೆ, ಸಂಜೆ 7.00. ◼ ಮೈಸೂರು ವಿಶ್ವವಿದ್ಯಾನಿಲಯ : ಉಪನ್ಯಾಸ, ಬೆಳಿಗ್ಗೆ 11.00, ಸ್ಥಳ : ಕ್ರಾಫರ್ಡ್ ಭವನ. ◼ ಶ್ರೀ ಚಾಮುಂಡೇಶ್ವರಿ ದೇವಸ್ಥಾನ : ವಿಶೇಷ ಪೂಜೆ, ಬೆಳಿಗ್ಗೆ 6.00. ◼ ಹಿರಿಯ ನಾಗರಿಕರ ವೇದಿಕೆ : ಸಭೆ, ಸಂಜೆ 4.00, ಸ್ಥಳ : ಟೌನ್‌ಹಾಲ್.
◼ ಮೈಸೂರು ಸಾಂಸ್ಕೃತಿಕ ಸಂಘ : ಸಂಗೀತ ಕಛೇರಿ, ಸಂಜೆ 6.30, ಸ್ಥಳ : ಗಾನಭಾರತಿ. ◼ ಶ್ರೀ ಶಾರದಾ ವಿಲಾಸ ವಿದ್ಯಾ ಸಂಸ್ಥೆ : ಪುಸ್ತಕ ಬಿಡುಗಡೆ, ಬೆಳಿಗ್ಗೆ 10.30. ◼ ಕರ್ನಾಟಕ ರಾಜ್ಯ ಮುಕ್ತ ವಿಶ್ವವಿದ್ಯಾನಿಲಯ : ತರಬೇತಿ ಶಿಬಿರ, ಬೆಳಿಗ್ಗೆ 9.30. ◼ ಶ್ರೀ ರಾಘವೇಂದ್ರ ಸ್ವಾಮಿ ಮಠ : ಪಂಚಾಮೃತ ಅಭಿಷೇಕ, ಬೆಳಿಗ್ಗೆ 7.00. ◼ ಮೈಸೂರು ಕನ್ನಡ ವೇದಿಕೆ : ಪ್ರಶಸ್ತಿ ಪ್ರದಾನ ಸಮಾರಂಭ, ಸಂಜೆ 5.30, ಸ್ಥಳ : ನಜರ್‌ಬಾದ್. ◼ ರಾಮಕೃಷ್ಣ ವಿದ್ಯಾಶಾಲೆ : ಹಳೆಯ ವಿದ್ಯಾರ್ಥಿಗಳ ಸಮ್ಮಿಲನ, ಬೆಳಿಗ್ಗೆ 10.00. ◼ ನಟನ ರಂಗಶಾಲೆ : ನಾಟಕ, ಸಂಜೆ 6.30. ◼ ಶ್ರೀ ಕೃಷ್ಣಧಾಮ : ಗೀತಾ ಪಾರಾಯಣ, ಬೆಳಿಗ್ಗೆ 8.00. ◼ ಯೋಗ ಕೇಂದ್ರ : ಉಚಿತ ಯೋಗ ಶಿಬಿರ, ಬೆಳಿಗ್ಗೆ 6.00. ◼ ಮೈಸೂರು ಜಿಲ್ಲಾ ಪತ್ರಕರ್ತರ ಸಂಘ : ಸಂವಾದ, ಬೆಳಿಗ್ಗೆ 11.00, ಸ್ಥಳ : ಪತ್ರಕರ್ತರ ಭವನ. ◼ ವಸತಿ ನಿಲಯ : ಸನ್ಮಾನ ಕಾರ್ಯಕ್ರಮ, ಸಂಜೆ 4.00. ◼ ಶ್ರೀ ಯೋಗಾನರಸಿಂಹಸ್ವಾಮಿ ದೇವಸ್ಥಾನ : ಕಲ್ಯಾಣೋತ್ಸವ, ಬೆಳಿಗ್ಗೆ 9.00.
ಮೈಸೂರು ಆಕಾಶವಾಣಿ
ಬೆಳಿಗ್ಗೆ 6.00 ವಂದೇ ಮಾತರಂ, 6.05 ಮಂಗಳ ವಾದ್ಯ, 6.30 ಚಿಂತನ, 6.45 ಪ್ರದೇಶ ಸಮಾಚಾರ, 7.00 ಪ್ರಾದೇಶಿಕ ವಾರ್ತೆಗಳು, 7.15 ಭಕ್ತಿ ಗೀತೆಗಳು, 8.00 ಪ್ರಾತಃಕಾಲದ ಸಂಗೀತ, 9.00 ಕೃಷಿರಂಗ, 10.00 ಚಿತ್ರಗೀತೆಗಳು, 11.00 ಮಹಿಳಾ ಲೋಕ, 12.00 ಯುವವಾಣಿ, 1.00 ಪ್ರದೇಶ ಸಮಾಚಾರ, 2.00 ಶಾಸ್ತ್ರೀಯ ಸಂಗೀತ, 3.00 ನಾಟಕ, 4.00 ಮಕ್ಕಳ ಕಾರ್ಯಕ್ರಮ, 5.00 ಕೃಷಿರಂಗ, 6.00 ಚಿತ್ರಗೀತೆಗಳು, 7.00 ಪ್ರಾದೇಶಿಕ ವಾರ್ತೆಗಳು, 7.30 ರಾಷ್ಟ್ರೀಯ ವಾರ್ತೆಗಳು, 8.00 ಸಂಗೀತ ಕಛೇರಿ, 9.00 ನಾಟಕ, 10.00 ಸುಗಮ ಸಂಗೀತ, 10.30 ಕಾರ್ಯಕ್ರಮ ಮುಕ್ತಾಯ.
ಸಾಂಸ್ಕೃತಿಕ ಕಾರ್ಯಕ್ರಮ : ನೃತ್ಯ ರೂಪಕ, ಸಂಜೆ 7.00, ಸ್ಥಳ : ಜಗನ್ಮೋಹನ ಅರಮನೆ. ◼ ವೇದ ಪಾಠಶಾಲೆ : ವೇದ ಪಾರಾಯಣ, ಬೆಳಿಗ್ಗೆ 6.30. ◼ ಮೈಸೂರು ಲಯನ್ಸ್ ಕ್ಲಬ್ : ರಕ್ತದಾನ ಶಿಬಿರ, ಬೆಳಿಗ್ಗೆ 9.00. ◼ ಶ್ರೀ ಸುತ್ತೂರು ಮಠ : ಧಾರ್ಮಿಕ ಸಭೆ, ಸಂಜೆ 6.00. ◼ ಮಕ್ಕಳ ಬೇಸಿಗೆ ಶಿಬಿರ : ಸಮಾರೋಪ ಸಮಾರಂಭ, ಬೆಳಿಗ್ಗೆ 10.30, ಸ್ಥಳ : ರಂಗಾಯಣ. ◼ ಶ್ರೀ ಭುವನೇಶ್ವರಿ ಸೇವಾ ಸಮಿತಿ : ಸತ್ಯನಾರಾಯಣ ಪೂಜೆ, ಸಂಜೆ 5.00. ◼ ಭಾರತೀಯ ವಿದ್ಯಾಭವನ : ಉಪನ್ಯಾಸ ಮಾಲಿಕೆ, ಸಂಜೆ 6.00. ◼ ಮೈಸೂರು ನಾಗರಿಕ ವೇದಿಕೆ : ಪರಿಸರ ಜಾಗೃತಿ ಜಾಥಾ, ಬೆಳಿಗ್ಗೆ 7.30.
